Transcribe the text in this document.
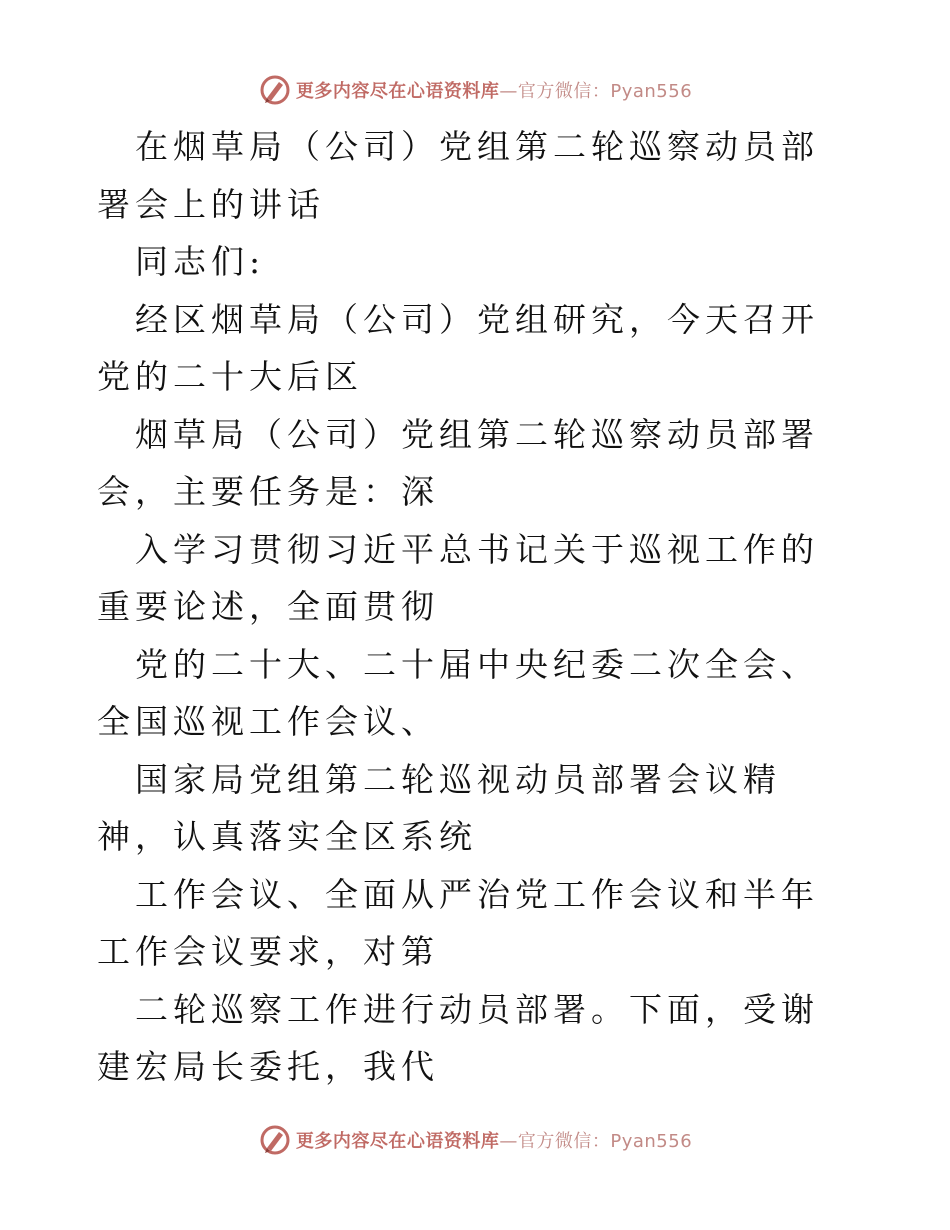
更多内容尽在心语资料库—官方微信：Pyan556

在烟草局（公司）党组第二轮巡察动员部署会上的讲话

同志们:

经区烟草局（公司）党组研究，今天召开党的二十大后区

烟草局（公司）党组第二轮巡察动员部署会，主要任务是：深

入学习贯彻习近平总书记关于巡视工作的重要论述，全面贯彻

党的二十大、二十届中央纪委二次全会、全国巡视工作会议、

国家局党组第二轮巡视动员部署会议精神，认真落实全区系统

工作会议、全面从严治党工作会议和半年工作会议要求，对第

二轮巡察工作进行动员部署。下面，受谢建宏局长委托，我代

更多内容尽在心语资料库—官方微信：Pyan556
